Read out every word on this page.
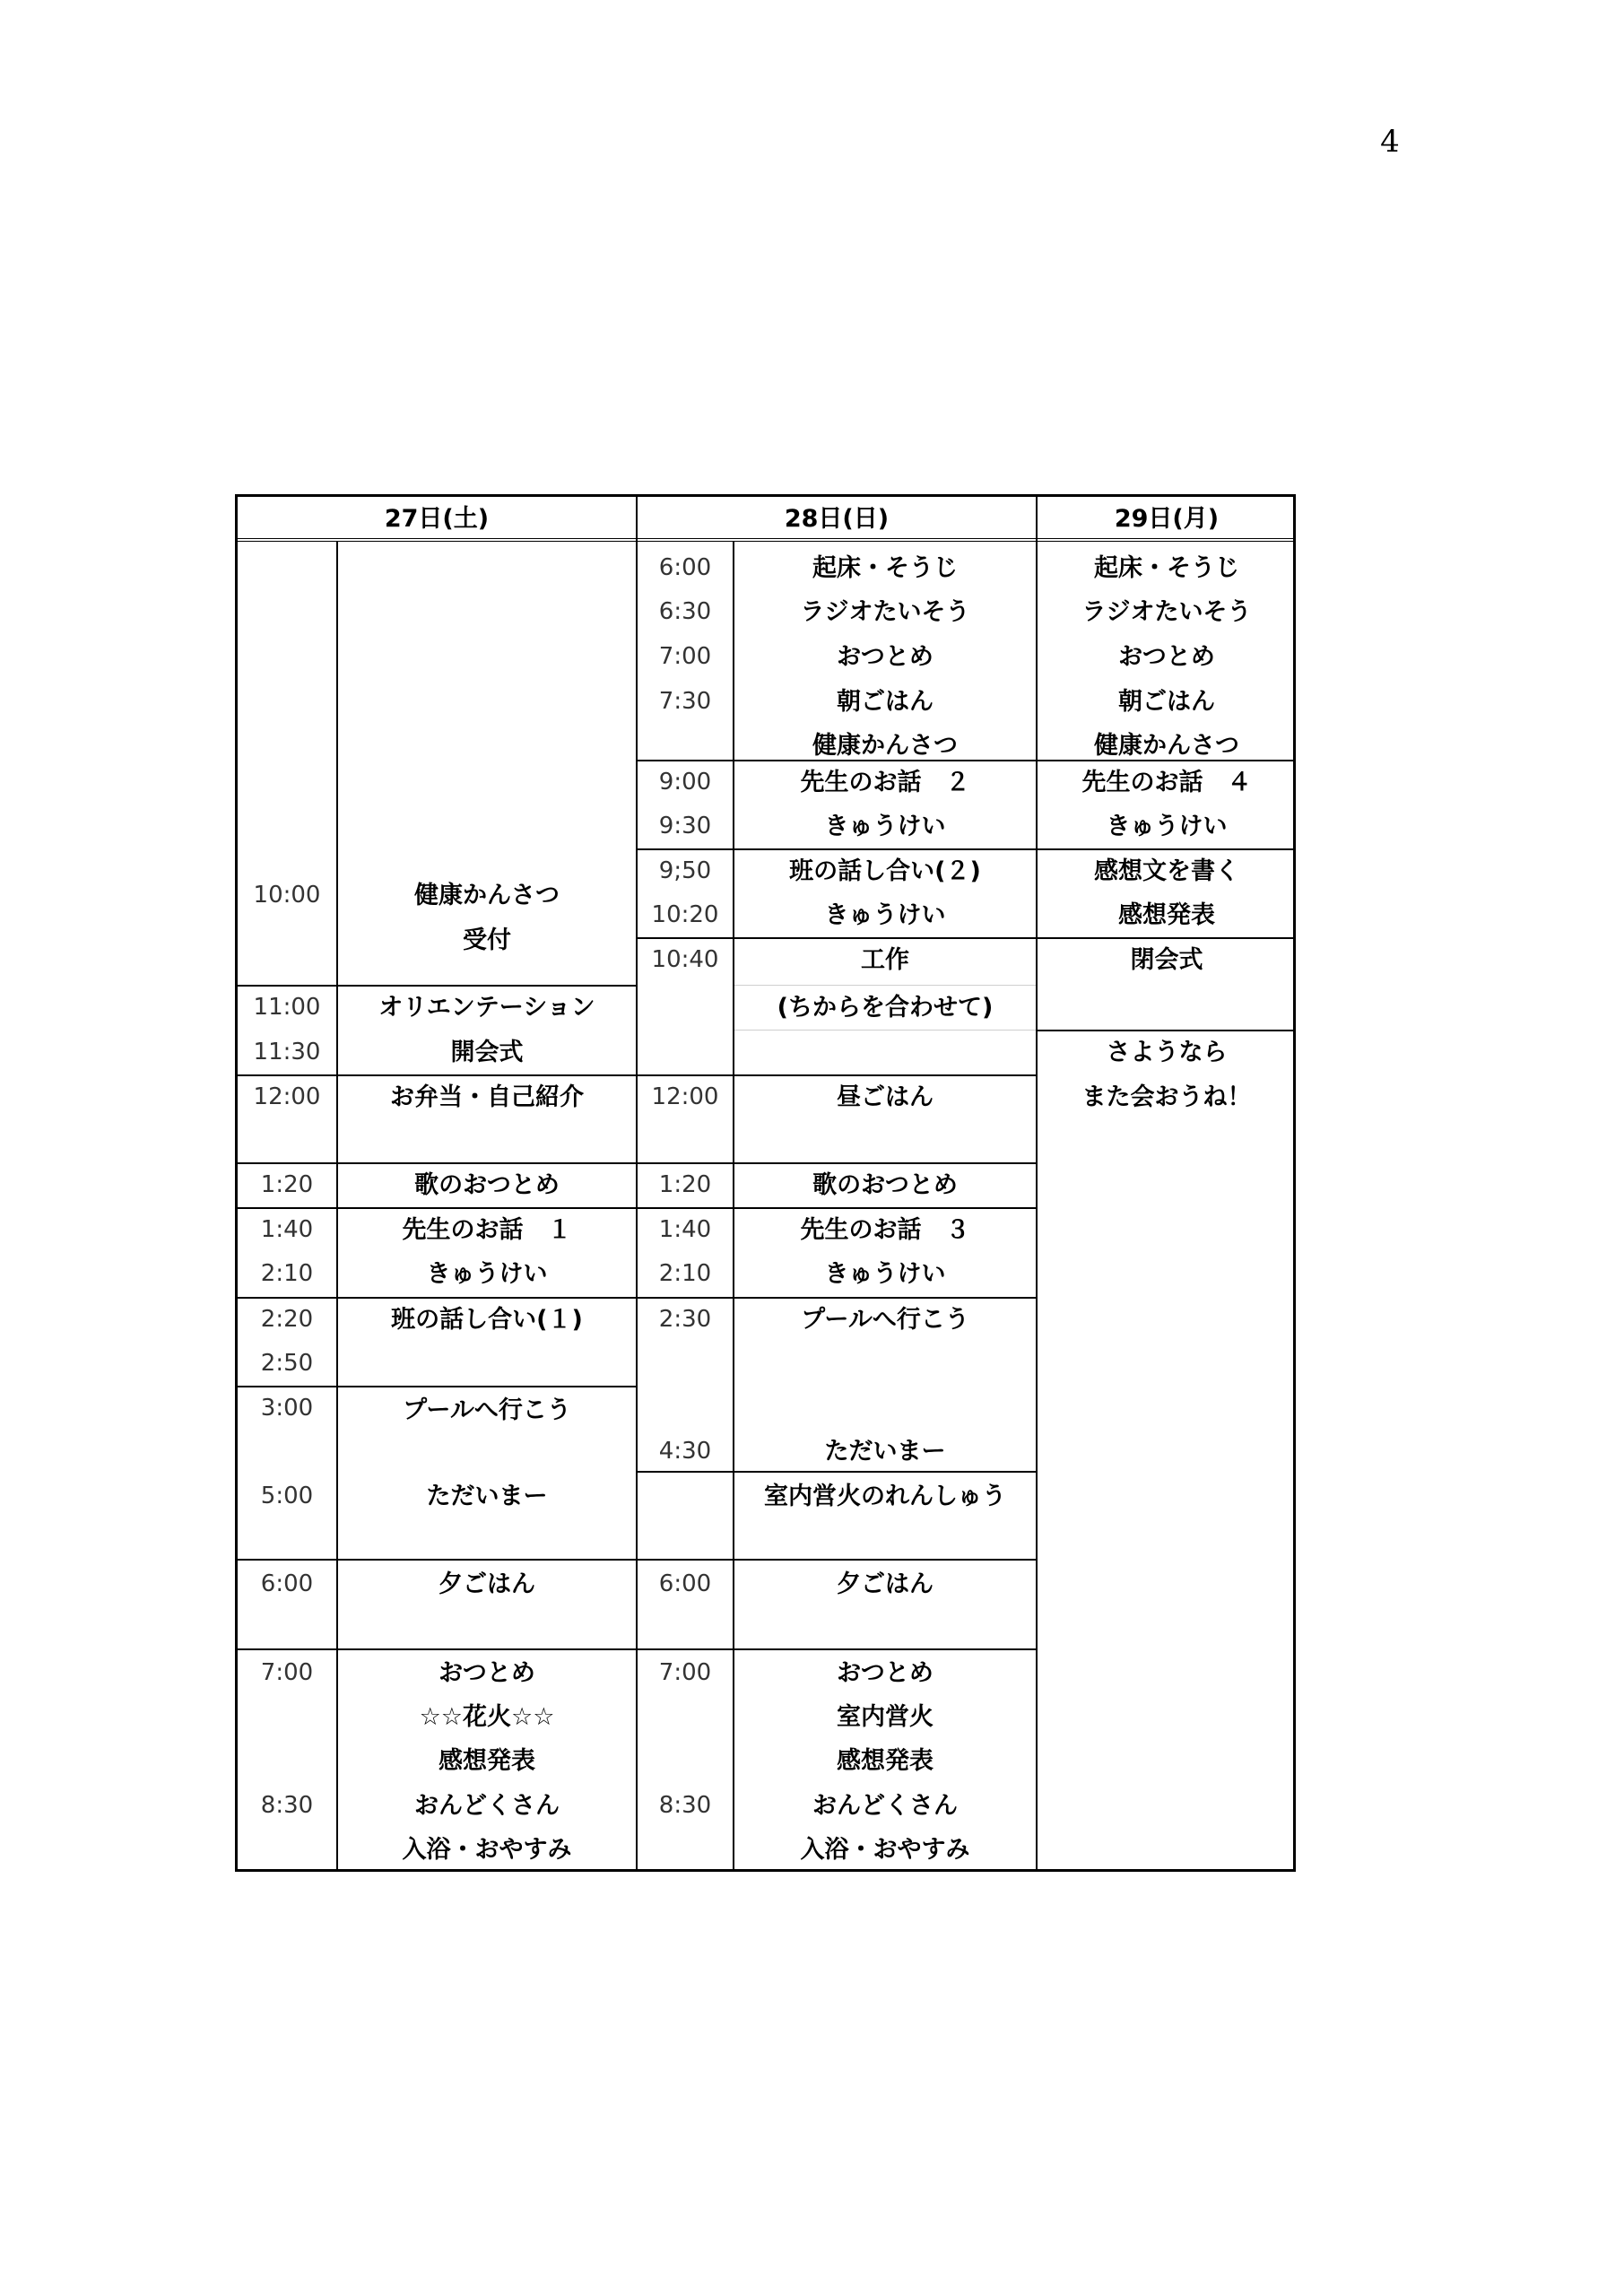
4
27日(土)	28日(日)	29日(月)
10:00
11:00
11:30
12:00
1:20
1:40
2:10
2:20
2:50
3:00
5:00
6:00
7:00
8:30
健康かんさつ
受付
オリエンテーション
開会式
お弁当・自己紹介
歌のおつとめ
先生のお話　１
きゅうけい
班の話し合い(１)
プールへ行こう
ただいまー
夕ごはん
おつとめ
☆☆花火☆☆
感想発表
おんどくさん
入浴・おやすみ
6:00
6:30
7:00
7:30
9:00
9:30
9;50
10:20
10:40
12:00
1:20
1:40
2:10
2:30
4:30
6:00
7:00
8:30
起床・そうじ
ラジオたいそう
おつとめ
朝ごはん
健康かんさつ
先生のお話　２
きゅうけい
班の話し合い(２)
きゅうけい
工作
(ちからを合わせて)
昼ごはん
歌のおつとめ
先生のお話　３
きゅうけい
プールへ行こう
ただいまー
室内営火のれんしゅう
夕ごはん
おつとめ
室内営火
感想発表
おんどくさん
入浴・おやすみ
起床・そうじ
ラジオたいそう
おつとめ
朝ごはん
健康かんさつ
先生のお話　４
きゅうけい
感想文を書く
感想発表
閉会式
さようなら
また会おうね！
